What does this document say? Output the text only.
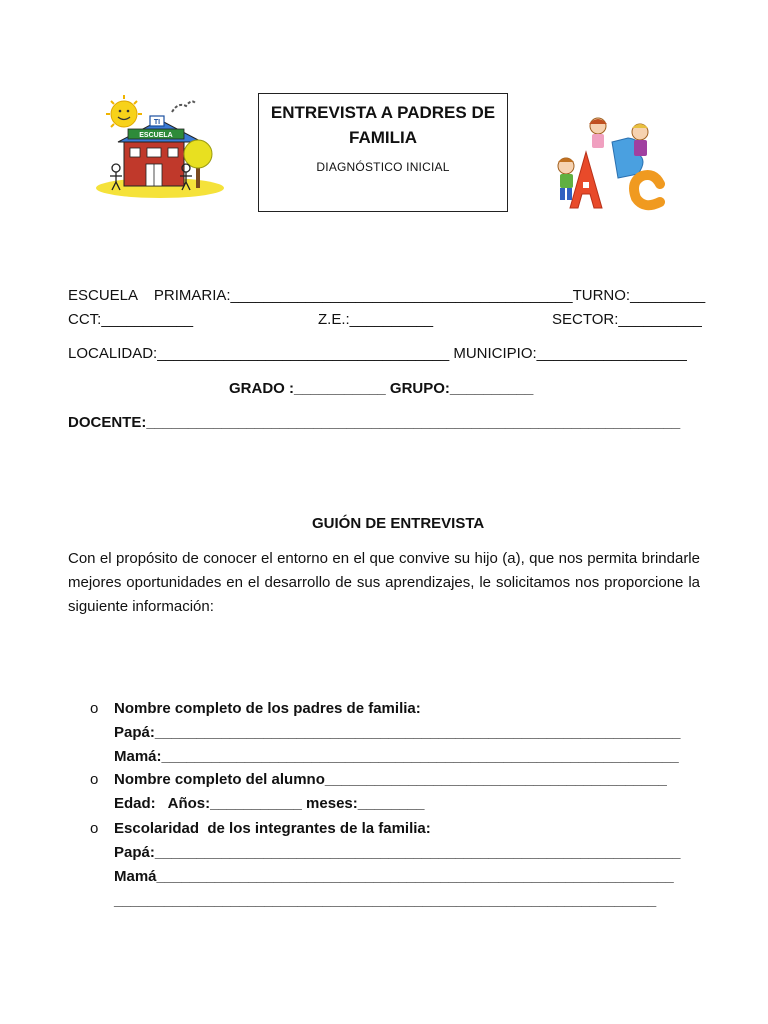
ESCUELA
TI
ENTREVISTA A PADRES DE
FAMILIA
DIAGNÓSTICO INICIAL
ESCUELA    PRIMARIA:_________________________________________TURNO:_________
CCT:___________	Z.E.:__________	SECTOR:__________
LOCALIDAD:___________________________________ MUNICIPIO:__________________
GRADO :___________ GRUPO:__________
DOCENTE:________________________________________________________________
GUIÓN DE ENTREVISTA
Con el propósito de conocer el entorno en el que convive su hijo (a), que nos permita brindarle mejores oportunidades en el desarrollo de sus aprendizajes, le solicitamos nos proporcione la siguiente información:
o Nombre completo de los padres de familia:
Papá:_______________________________________________________________
Mamá:______________________________________________________________
o Nombre completo del alumno_________________________________________
Edad:   Años:___________ meses:________
o Escolaridad  de los integrantes de la familia:
Papá:_______________________________________________________________
Mamá______________________________________________________________
_________________________________________________________________
